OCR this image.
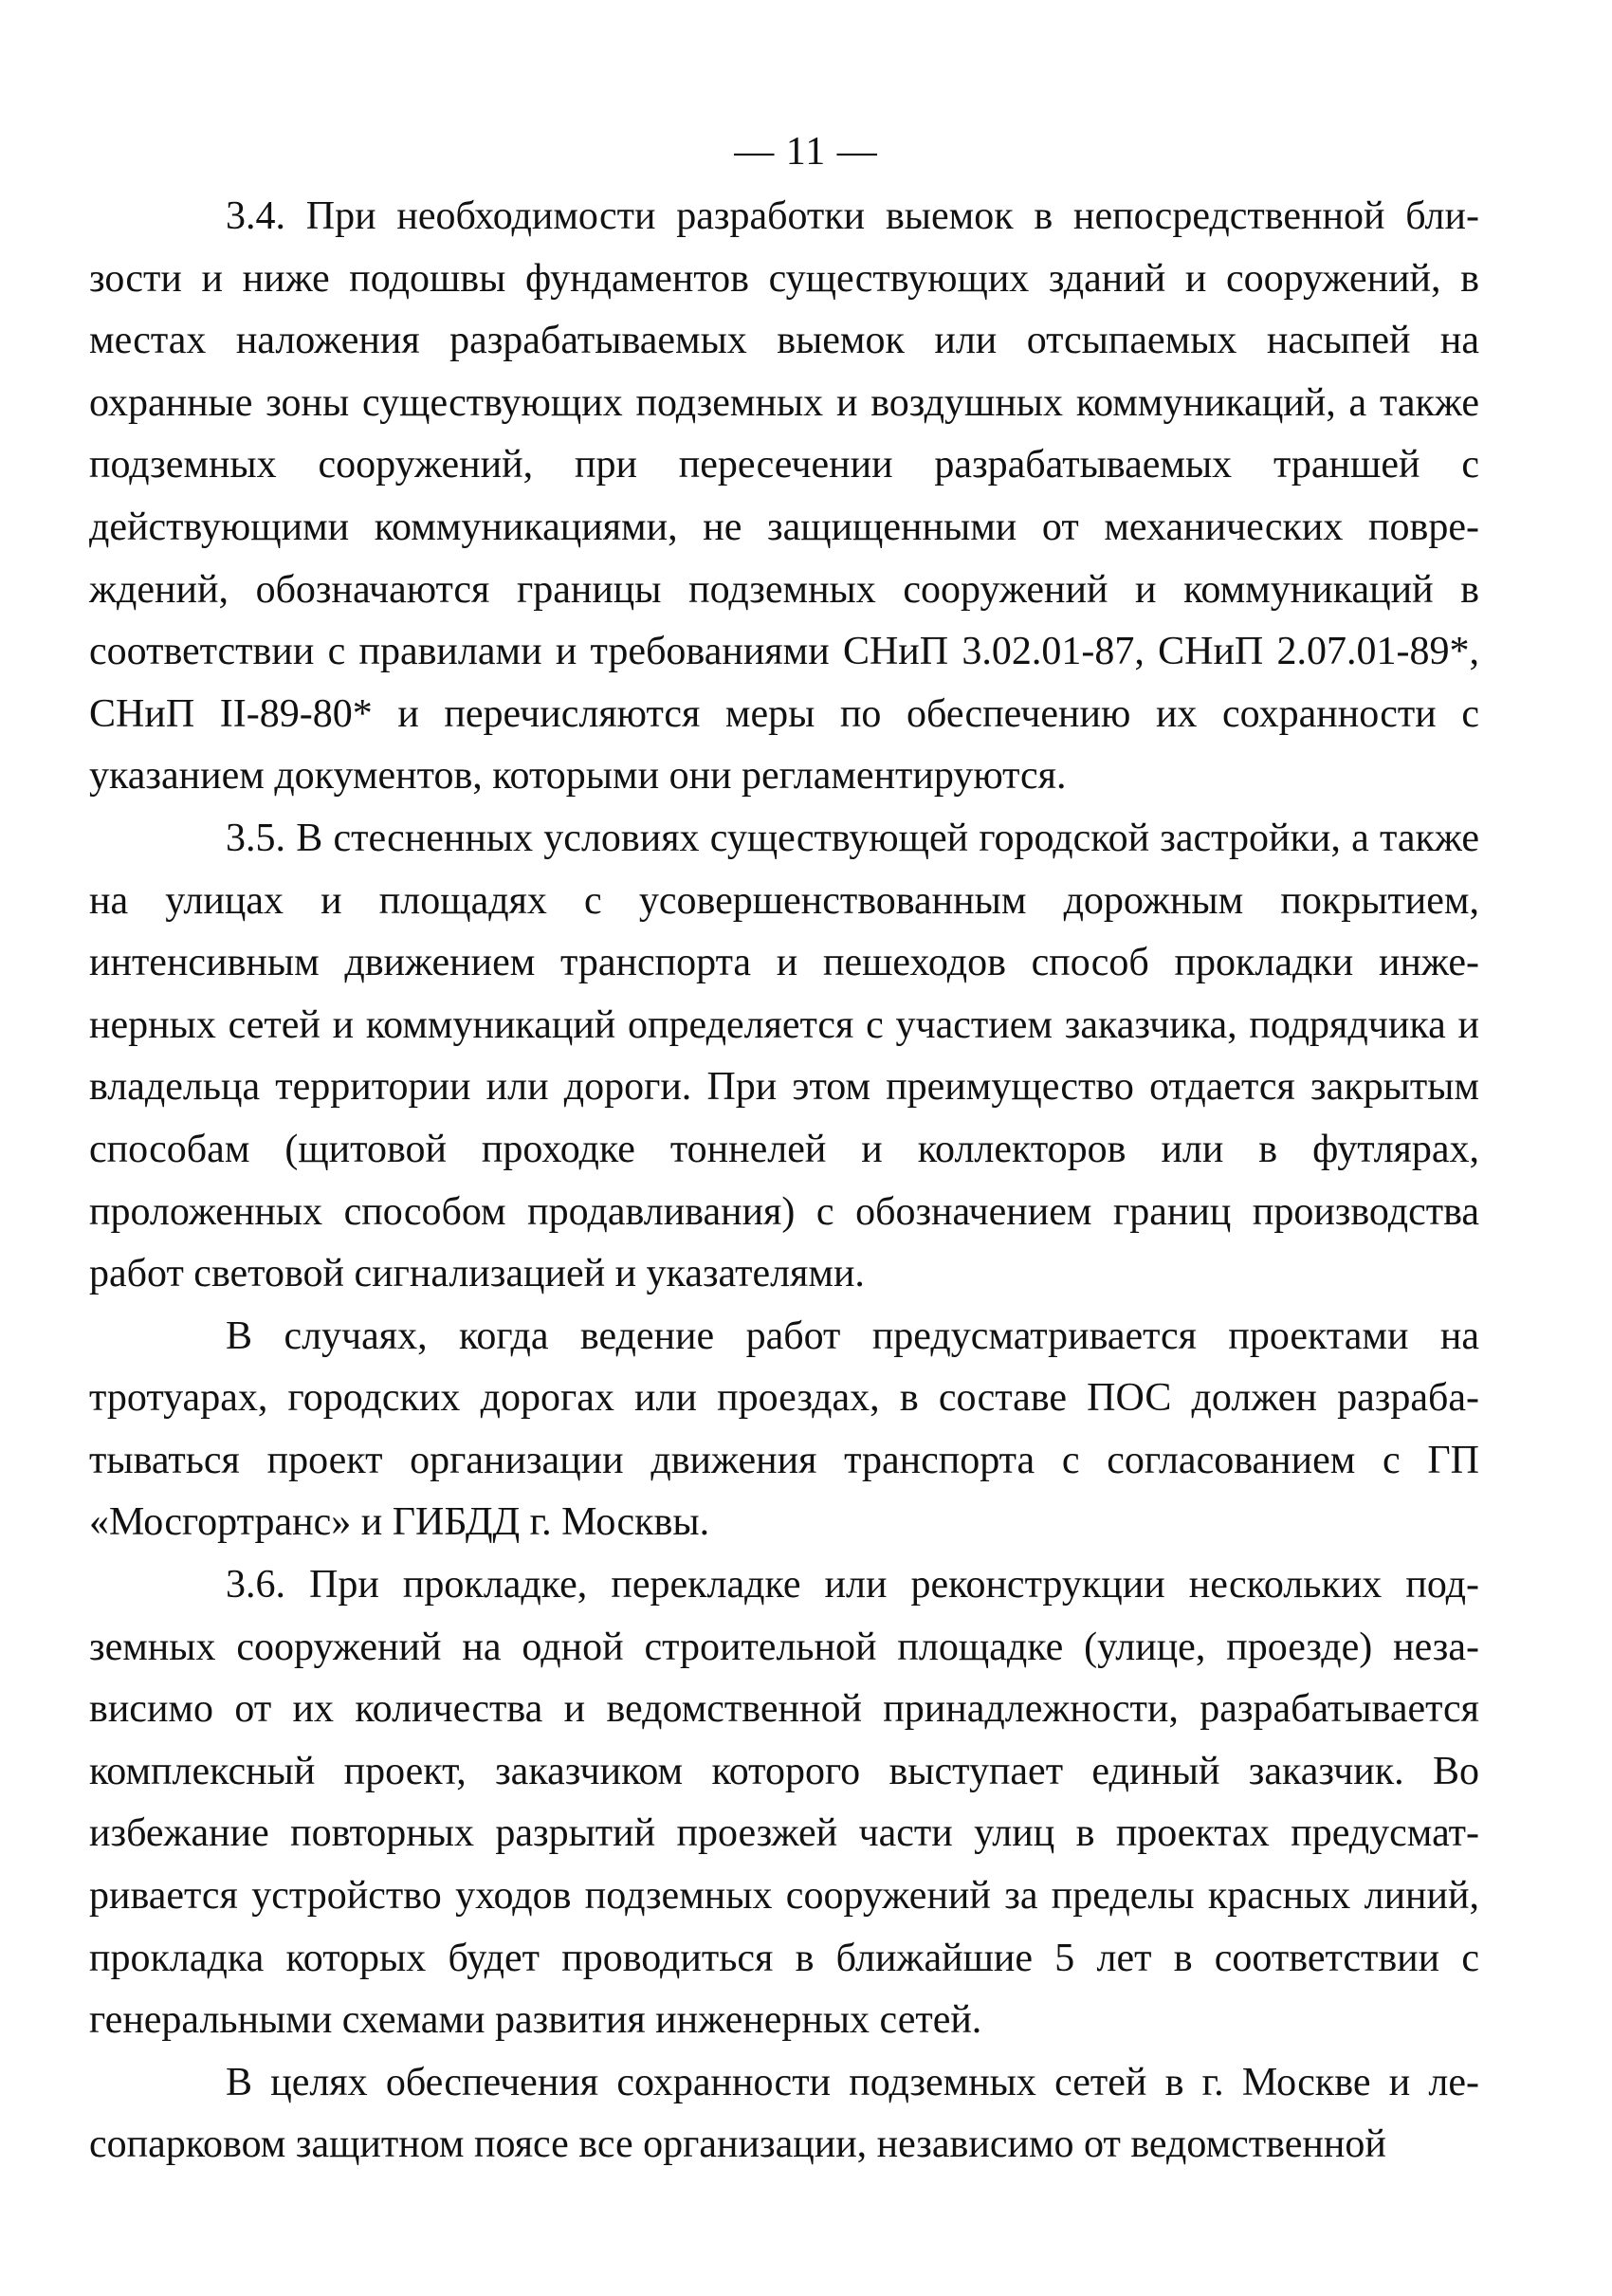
— 11 —

3.4. При необходимости разработки выемок в непосредственной близости и ниже подошвы фундаментов существующих зданий и сооружений, в местах наложения разрабатываемых выемок или отсыпаемых насыпей на охранные зоны существующих подземных и воздушных коммуникаций, а также подземных сооружений, при пересечении разрабатываемых траншей с действующими коммуникациями, не защищенными от механических повреждений, обозначаются границы подземных сооружений и коммуникаций в соответствии с правилами и требованиями СНиП 3.02.01-87, СНиП 2.07.01-89*, СНиП II-89-80* и перечисляются меры по обеспечению их сохранности с указанием документов, которыми они регламентируются.

3.5. В стесненных условиях существующей городской застройки, а также на улицах и площадях с усовершенствованным дорожным покрытием, интенсивным движением транспорта и пешеходов способ прокладки инженерных сетей и коммуникаций определяется с участием заказчика, подрядчика и владельца территории или дороги. При этом преимущество отдается закрытым способам (щитовой проходке тоннелей и коллекторов или в футлярах, проложенных способом продавливания) с обозначением границ производства работ световой сигнализацией и указателями.

В случаях, когда ведение работ предусматривается проектами на тротуарах, городских дорогах или проездах, в составе ПОС должен разрабатываться проект организации движения транспорта с согласованием с ГП «Мосгортранс» и ГИБДД г. Москвы.

3.6. При прокладке, перекладке или реконструкции нескольких подземных сооружений на одной строительной площадке (улице, проезде) независимо от их количества и ведомственной принадлежности, разрабатывается комплексный проект, заказчиком которого выступает единый заказчик. Во избежание повторных разрытий проезжей части улиц в проектах предусматривается устройство уходов подземных сооружений за пределы красных линий, прокладка которых будет проводиться в ближайшие 5 лет в соответствии с генеральными схемами развития инженерных сетей.

В целях обеспечения сохранности подземных сетей в г. Москве и лесопарковом защитном поясе все организации, независимо от ведомственной
